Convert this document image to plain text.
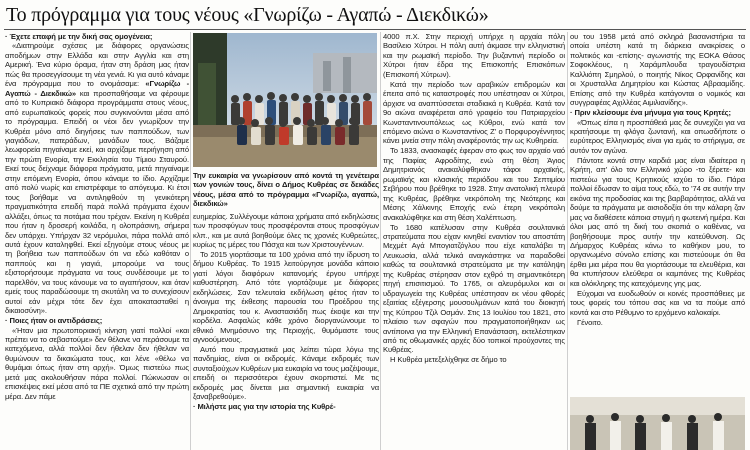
Το πρόγραμμα για τους νέους «Γνωρίζω - Αγαπώ - Διεκδικώ»

· Έχετε επαφή με την δική σας ομογένεια;

«Διατηρούμε σχέσεις με διάφορες οργανώσεις αποδήμων στην Ελλάδα και στην Αγγλία και στη Αμερική. Ένα κύριο όραμα, ήταν στη δράση μας ήταν πώς θα προσεγγίσουμε τη νέα γενιά. Κι για αυτό κάναμε ένα πρόγραμμα που το ονομάσαμε: «Γνωρίζω - Αγαπώ - Διεκδικώ» και προσπαθήσαμε να φέρουμε από το Κυπριακό διάφορα προγράμματα στους νέους, από ευρωπαϊκούς φορείς που συγκινούνται μέσα από το πρόγραμμα. Επειδή οι νέοι δεν γνωρίζουν την Κυθρέα μόνο από διηγήσεις των παππούδων, των γιαγιάδων, πατεράδων, μανάδων τους. Βάζαμε λεωφορεία πηγαίναμε εκεί, και αρχίζαμε περιήγηση από την πρώτη Ενορία, την Εκκλησία του Τίμιου Σταυρού. Εκεί τους δείχναμε διάφορα πράγματα, μετά πηγαίναμε στην επόμενη Ενορία, όπου κάναμε το ίδιο. Αρχίζαμε από πολύ νωρίς και επιστρέφαμε το απόγευμα. Κι έτσι τους βοήθαμε να αντιληφθούν τη γενικότερη πραγματικότητα επειδή παρά πολλά πράγματα έχουν αλλάξει, όπως τα ποτάμια που τρέχαν. Εκείνη η Κυθρέα που ήταν η δροσερή κοιλάδα, η ολοπράσινη, σήμερα δεν υπάρχει. Υπήρχαν 32 νερόμυλοι, πάρα πολλά από αυτά έχουν καταληφθεί. Εκεί εξηγούμε στους νέους με τη βοήθεια των παππούδων ότι να εδώ καθόταν ο παππούς και η γιαγιά, μπορούμε να τους εξιστορήσουμε πράγματα να τους συνδέσουμε με το παρελθόν, να τους κάνουμε να το αγαπήσουν, και όταν εμείς τους παραδώσουμε τη σκυτάλη να το συνεχίσουν αυτοί εάν μέχρι τότε δεν έχει αποκατασταθεί η δικαιοσύνη».

· Ποιες ήταν οι αντιδράσεις;

«Ήταν μια πρωτοποριακή κίνηση γιατί πολλοί «και πρέπει να το σεβαστούμε» δεν θέλανε να περάσουμε τα κατεχόμενα, αλλά πολλοί δεν ήθελαν δεν ήθελαν να θυμώνουν τα δικαιώματα τους, και λένε «θέλω να θυμάμαι όπως ήταν στη αρχή». Όμως πιστεύω πως μετά μας ακολουθήσαν πάρα πολλοί. Πώκνωσαν οι επισκέψεις εκεί μέσα από τα ΠΕ σχετικά από την πρώτη μέρα. Δεν πάμε

Την ευκαιρία να γνωρίσουν από κοντά τη γενέτειρα των γονιών τους, δίνει ο Δήμος Κυθρέας σε δεκάδες νέους, μέσα από το πρόγραμμα «Γνωρίζω, αγαπώ, διεκδικώ»

ευημερίας. Συλλέγουμε κάποια χρήματα από εκδηλώσεις των προσφύγων τους προσφέρονται στους προσφύγων κλπ., και με αυτά βοηθούμε όλες τις χρονιές Κυθρεώτες, κυρίως τις μέρες του Πάσχα και των Χριστουγέννων.

Το 2015 γιορτάσαμε τα 100 χρόνια από την ίδρυση το δήμου Κυθρέας. Το 1915 λειτούργησε μονάδα κάποιο γιατί λόγοι διαφόρων κατανομής έργου υπήρχε καθυστέρηση. Από τότε γιορτάζουμε με διάφορες εκδηλώσεις. Σαν τελευταία εκδήλωση φέτος ήταν το άνοιγμα της έκθεσης παρουσία του Προέδρου της Δημοκρατίας του κ. Αναστασιάδη πως έκοψε και την κορδέλα. Ασφαλώς κάθε χρόνο διοργανώνουμε το εθνικό Μνημόσυνο της Περιοχής, θυμόμαστε τους αγνοούμενους.

Αυτό που πραγματικά μας λείπει τώρα λόγω της πανδημίας, είναι οι εκδρομές. Κάναμε εκδρομές των συνταξιούχων Κυθρέων μια ευκαιρία να τους μαζέψουμε, επειδή οι περισσότεροι έχουν σκορπιστεί. Με τις εκδρομές μας δίνεται μια σημαντική ευκαιρία να ξαναβρεθούμε».

· Μιλήστε μας για την ιστορία της Κυθρέ-

4000 π.Χ. Στην περιοχή υπήρχε η αρχαία πόλη Βασίλειο Χύτροι. Η πόλη αυτή άκμασε την ελληνιστική και την ρωμαϊκή περίοδο. Την βυζαντινή περίοδο οι Χύτροι ήταν έδρα της Επισκοπής Επισκόπων (Επισκοπή Χύτρων).

Κατά την περίοδο των αραβικών επιδρομών και έπειτα από τις καταστροφές που υπέστησαν οι Χύτροι, άρχισε να αναπτύσσεται σταδιακά η Κυθρέα. Κατά τον 9ο αιώνα αναφέρεται από γραφείο του Πατριαρχείου Κωνσταντινουπόλεως ως Κύθροι, ενώ κατά τον επόμενο αιώνα ο Κωνσταντίνος Ζ' ο Πορφυρογέννητος κάνει μνεία στην πόλη αναφέροντάς την ως Κυθηρεία.

Το 1833, ανασκαφές έφεραν στο φως τον αρχαίο ναό της Παφίας Αφροδίτης, ενώ στη θέση Άγιος Δημητριανός ανακαλύφθηκαν τάφοι αρχαϊκής, ρωμαϊκής και κλασικής περιόδου και του Σεπτιμίου Σεβήρου που βρέθηκε το 1928. Στην ανατολική πλευρά της Κυθρέας, βρέθηκε νεκρόπολη της Νεότερης και Μέσης Χάλκινης Εποχής ενώ έτερη νεκρόπολη ανακαλύφθηκε και στη θέση Χαλέπτωση.

Το 1680 κατέλυσαν στην Κυθρέα σουλτανικά στρατεύματα που είχαν κινηθεί εναντίον του αποστάτη Μεχμέτ Αγά Μπογιατζόγλου που είχε καταλάβει τη Λευκωσία, αλλά τελικά αναγκάστηκε να παραδοθεί καθώς τα σουλτανικά στρατεύματα με την κατάληψη της Κυθρέας στέρησαν στον εχθρό τη σημαντικότερη πηγή επισιτισμού. Το 1765, οι αλευρόμυλοι και οι υδραγωγεία της Κυθρέας υπέστησαν εκ νέου φθορές εξαιτίας εξέγερσης μουσουλμάνων κατά του διοικητή της Κύπρου Τζιλ Οσμάν. Στις 13 Ιουλίου του 1821, στο πλαίσιο των σφαγών που πραγματοποιήθηκαν ως αντίποινα για την Ελληνική Επανάσταση, εκτελέστηκαν από τις οθωμανικές αρχές δύο τοπικοί προύχοντες της Κυθρέας.

Η Κυθρέα μετεξελίχθηκε σε δήμο το

ου του 1958 μετά από σκληρά βασανιστήρια τα οποία υπέστη κατά τη διάρκεια ανακρίσεις ο πολιτικός και -επίσης- αγωνιστής της ΕΟΚΑ Θάσος Σοφοκλέους, η Χαράμπλουδα τραγουδίστρια Καλλιόπη Σμηρλού, ο ποιητής Νίκος Ορφανίδης και οι Χρυσταλλα Δημητρίου και Κώστας Αβρααμίδης. Επίσης από την Κυθρέα κατάγονται ο νομικός και συγγραφέας Αχιλλέας Αιμιλιανίδης».

· Πριν κλείσουμε ένα μήνυμα για τους Κρητές;

«Όπως είπα η προσπάθειά μας δε συνεχίζει για να κρατήσουμε τη φλόγα ζωντανή, και οπωσδήποτε ο ευρύτερος Ελληνισμός είναι για εμάς το στήριγμα, σε αυτόν τον αγώνα.

Πάντοτε κοντά στην καρδιά μας είναι ιδιαίτερα η Κρήτη, απ' όλο τον Ελληνικό χώρο -το ξέρετε- και πιστεύω για τους Κρητικούς ισχύει το ίδιο. Πάρα πολλοί έδωσαν το αίμα τους εδώ, το '74 σε αυτήν την εικόνα της προδοσίας και της βαρβαρότητας, αλλά να δούμε τα πράγματα με αισιοδοξία ότι την κάλαρη ζαν μας να διαθέσετε κάποια στιγμή η φωτεινή ημέρα. Και όλοι μας από τη δική του σκοπιά ο καθένας, να βοηθήσουμε προς αυτήν την κατεύθυνση. Ως Δήμαρχος Κυθρέας κάνω το καθήκον μου, το οργανωμένο σύνολο επίσης και πιστεύουμε ότι θα έρθει μια μέρα που θα γιορτάσουμε τα ελευθέρια, και θα κτυπήσουν ελεύθερα οι καμπάνες της Κυθρέας και ολόκληρης της κατεχόμενης γης μας.

Εύχομαι να ευοδωθούν οι κοινές προσπάθειες με τους φορείς του τόπου σας και να τα πούμε από κοντά και στο Ρέθυμνο το ερχόμενο καλοκαίρι.

Γένοιτο.
